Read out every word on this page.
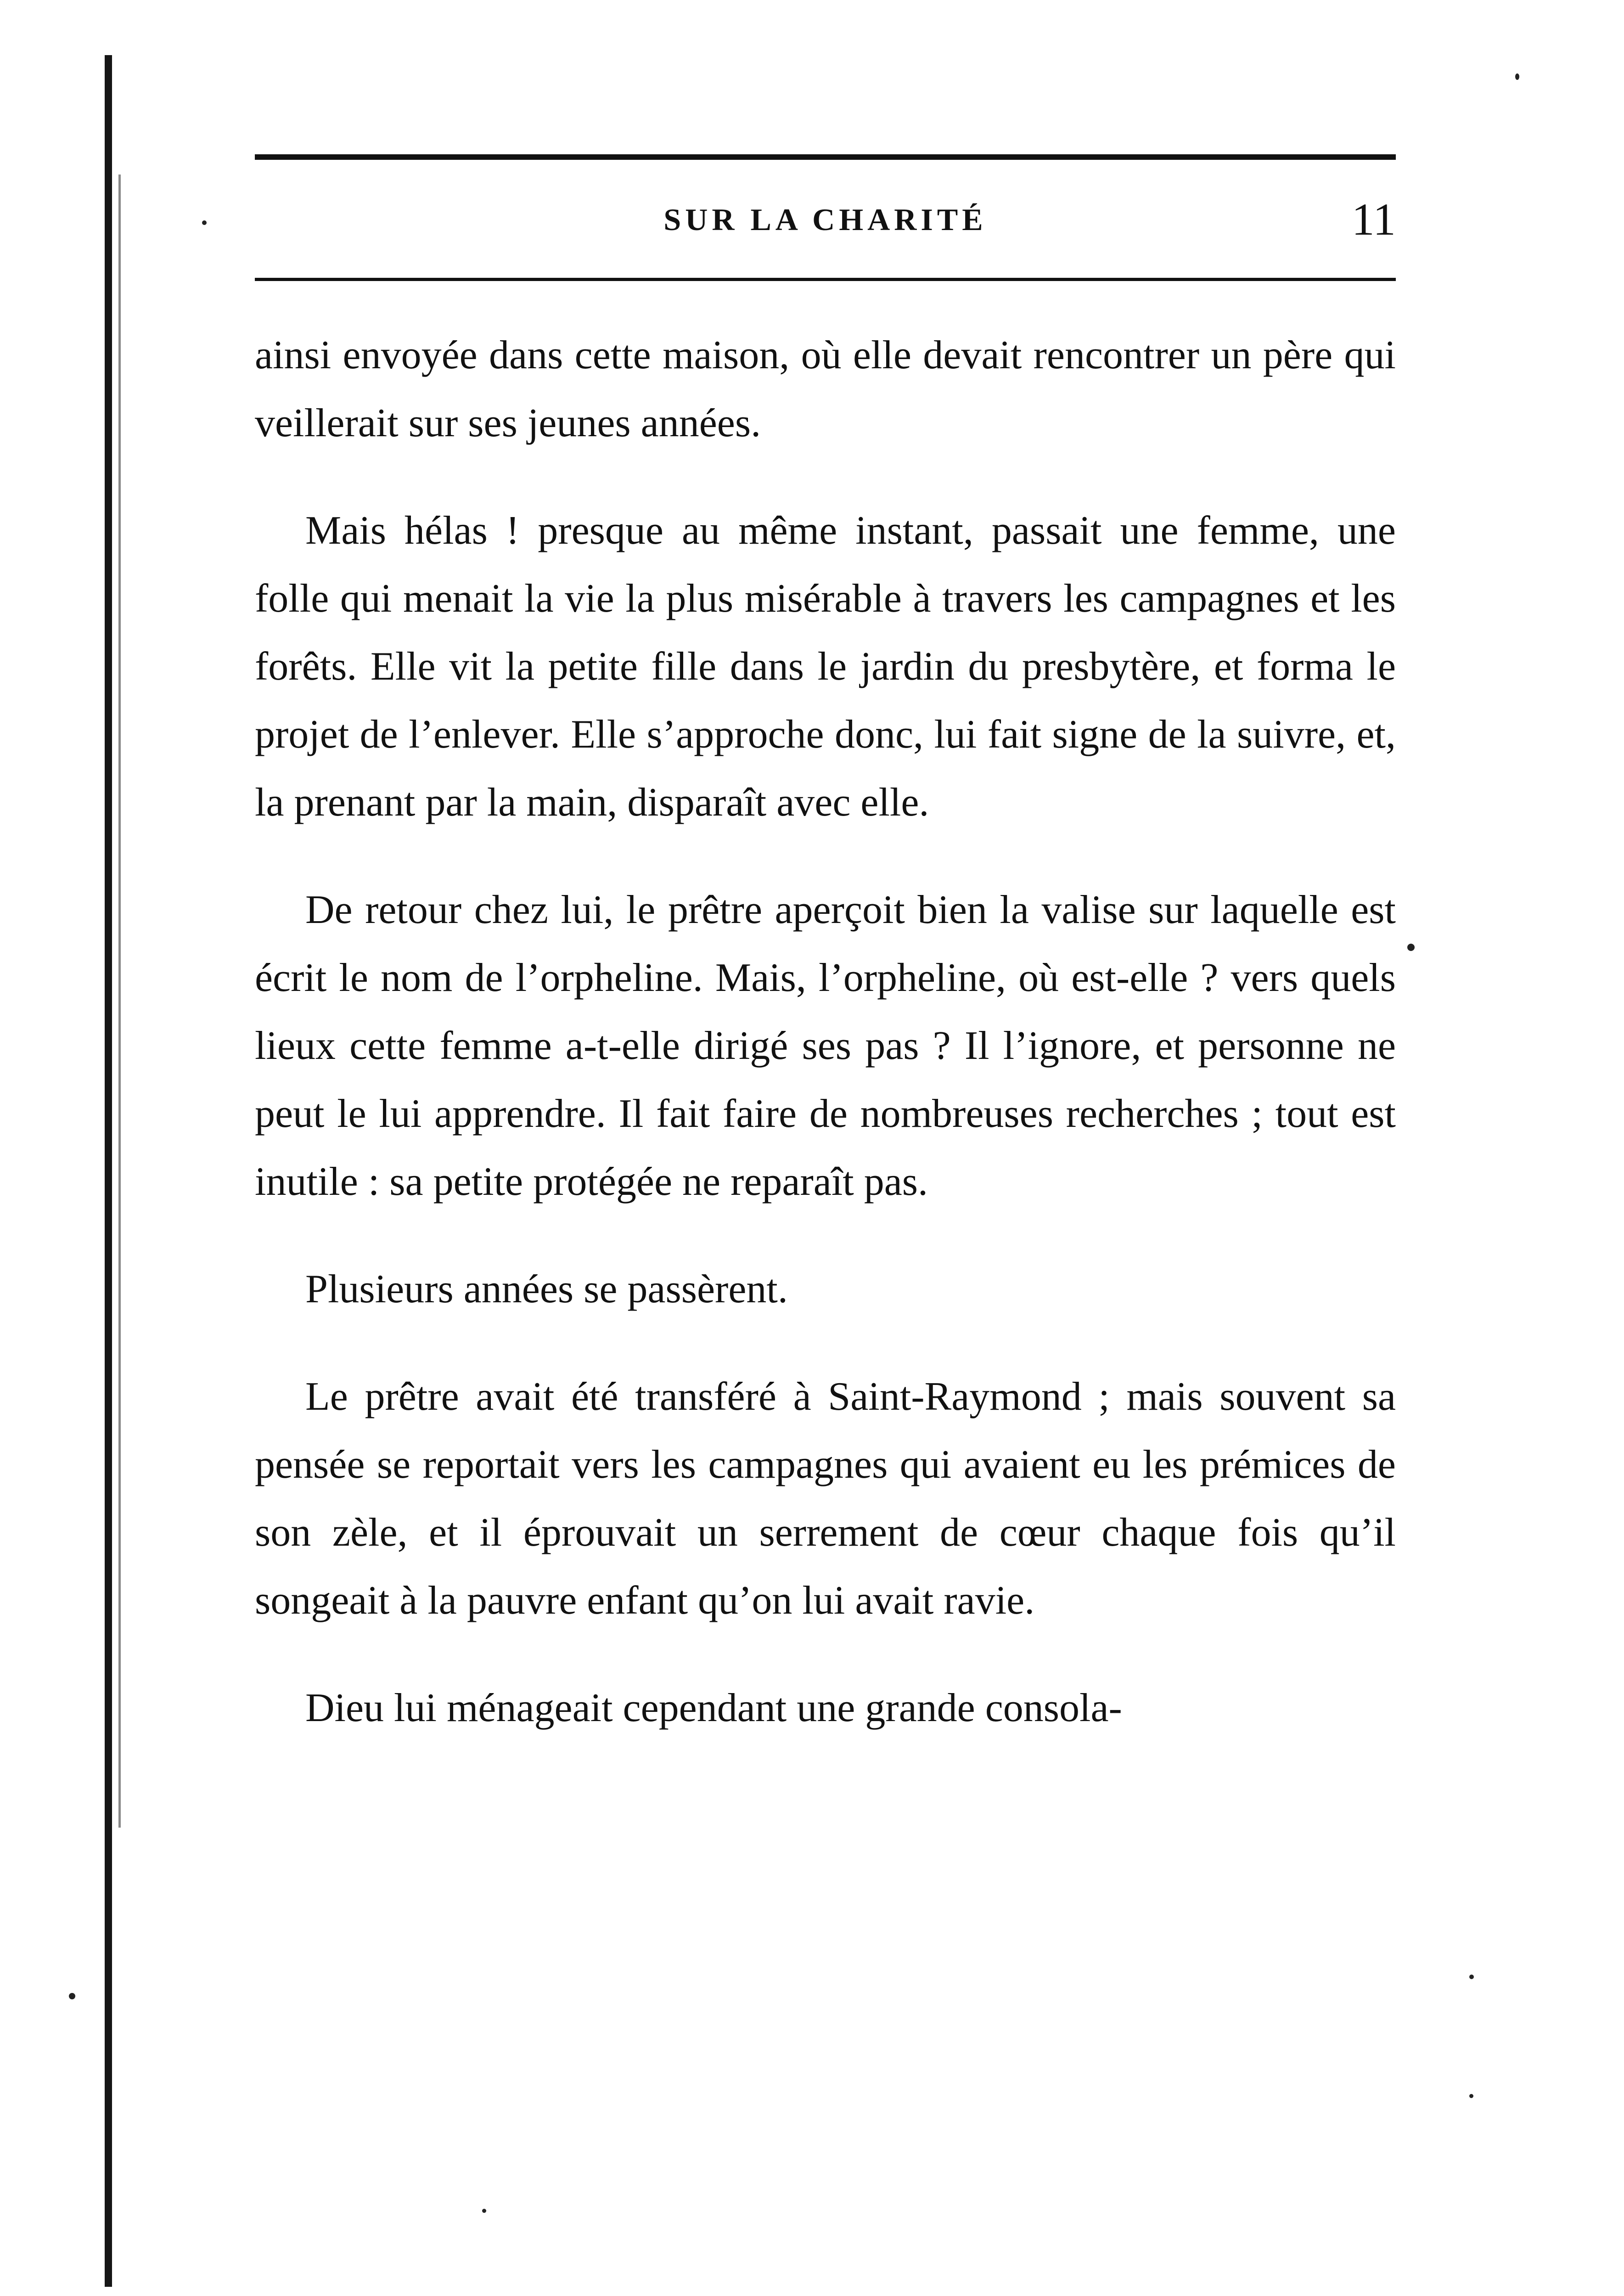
SUR LA CHARITÉ	11

ainsi envoyée dans cette maison, où elle devait rencontrer un père qui veillerait sur ses jeunes années.

Mais hélas ! presque au même instant, passait une femme, une folle qui menait la vie la plus misérable à travers les campagnes et les forêts. Elle vit la petite fille dans le jardin du presbytère, et forma le projet de l’enlever. Elle s’approche donc, lui fait signe de la suivre, et, la prenant par la main, disparaît avec elle.

De retour chez lui, le prêtre aperçoit bien la valise sur laquelle est écrit le nom de l’orpheline. Mais, l’orpheline, où est-elle ? vers quels lieux cette femme a-t-elle dirigé ses pas ? Il l’ignore, et personne ne peut le lui apprendre. Il fait faire de nombreuses recherches ; tout est inutile : sa petite protégée ne reparaît pas.

Plusieurs années se passèrent.

Le prêtre avait été transféré à Saint-Raymond ; mais souvent sa pensée se reportait vers les campagnes qui avaient eu les prémices de son zèle, et il éprouvait un serrement de cœur chaque fois qu’il songeait à la pauvre enfant qu’on lui avait ravie.

Dieu lui ménageait cependant une grande consola-
